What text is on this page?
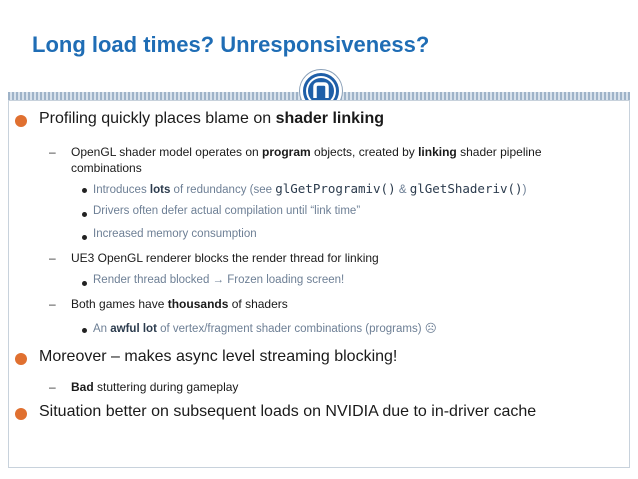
Long load times? Unresponsiveness?
Profiling quickly places blame on shader linking
– OpenGL shader model operates on program objects, created by linking shader pipeline
combinations
Introduces lots of redundancy (see glGetProgramiv() & glGetShaderiv())
Drivers often defer actual compilation until “link time”
Increased memory consumption
– UE3 OpenGL renderer blocks the render thread for linking
Render thread blocked → Frozen loading screen!
– Both games have thousands of shaders
An awful lot of vertex/fragment shader combinations (programs) ☹
Moreover – makes async level streaming blocking!
– Bad stuttering during gameplay
Situation better on subsequent loads on NVIDIA due to in-driver cache
